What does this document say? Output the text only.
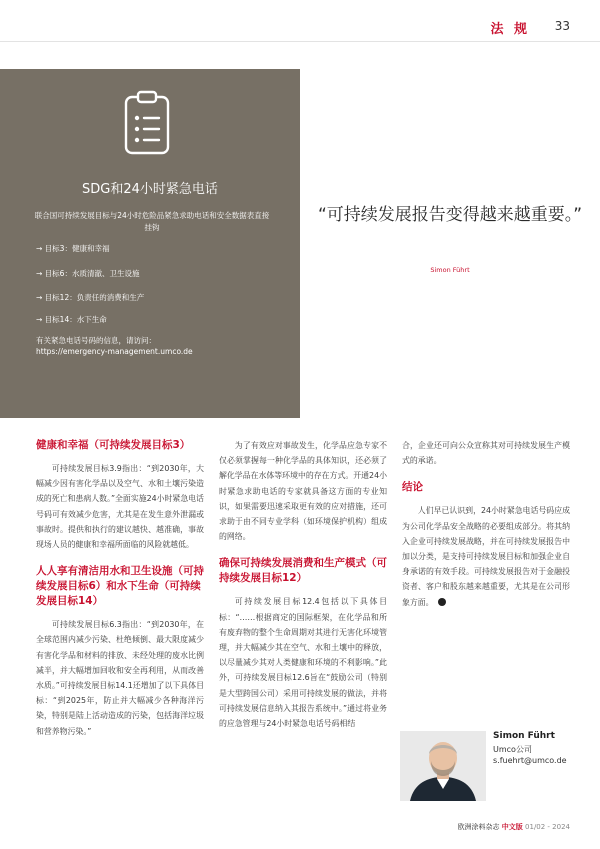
法 规 33
SDG和24小时紧急电话
联合国可持续发展目标与24小时危险品紧急求助电话和安全数据表直接挂钩
→ 目标3：健康和幸福
→ 目标6：水质清澈、卫生设施
→ 目标12：负责任的消费和生产
→ 目标14：水下生命
有关紧急电话号码的信息，请访问：
https://emergency-management.umco.de
“可持续发展报告变得越来越重要。”
Simon Führt
健康和幸福（可持续发展目标3）

可持续发展目标3.9指出：“到2030年，大幅减少因有害化学品以及空气、水和土壤污染造成的死亡和患病人数。”全面实施24小时紧急电话号码可有效减少危害，尤其是在发生意外泄漏或事故时。提供和执行的建议越快、越准确，事故现场人员的健康和幸福所面临的风险就越低。

人人享有清洁用水和卫生设施（可持续发展目标6）和水下生命（可持续发展目标14）

可持续发展目标6.3指出：“到2030年，在全球范围内减少污染、杜绝倾倒、最大限度减少有害化学品和材料的排放、未经处理的废水比例减半，并大幅增加回收和安全再利用，从而改善水质。”可持续发展目标14.1还增加了以下具体目标：“到2025年，防止并大幅减少各种海洋污染，特别是陆上活动造成的污染，包括海洋垃圾和营养物污染。”

为了有效应对事故发生，化学品应急专家不仅必须掌握每一种化学品的具体知识，还必须了解化学品在水体等环境中的存在方式。开通24小时紧急求助电话的专家就具备这方面的专业知识，如果需要迅速采取更有效的应对措施，还可求助于由不同专业学科（如环境保护机构）组成的网络。

确保可持续发展消费和生产模式（可持续发展目标12）

可持续发展目标12.4包括以下具体目标：“……根据商定的国际框架，在化学品和所有废弃物的整个生命周期对其进行无害化环境管理，并大幅减少其在空气、水和土壤中的释放，以尽量减少其对人类健康和环境的不利影响。”此外，可持续发展目标12.6旨在“鼓励公司（特别是大型跨国公司）采用可持续发展的做法，并将可持续发展信息纳入其报告系统中。”通过将业务的应急管理与24小时紧急电话号码相结

合，企业还可向公众宣称其对可持续发展生产模式的承诺。

结论

人们早已认识到，24小时紧急电话号码应成为公司化学品安全战略的必要组成部分。将其纳入企业可持续发展战略，并在可持续发展报告中加以分类，是支持可持续发展目标和加强企业自身承诺的有效手段。可持续发展报告对于金融投资者、客户和股东越来越重要，尤其是在公司形象方面。	❮

Simon Führt
Umco公司
s.fuehrt@umco.de
欧洲涂料杂志 中文版 01/02 - 2024
